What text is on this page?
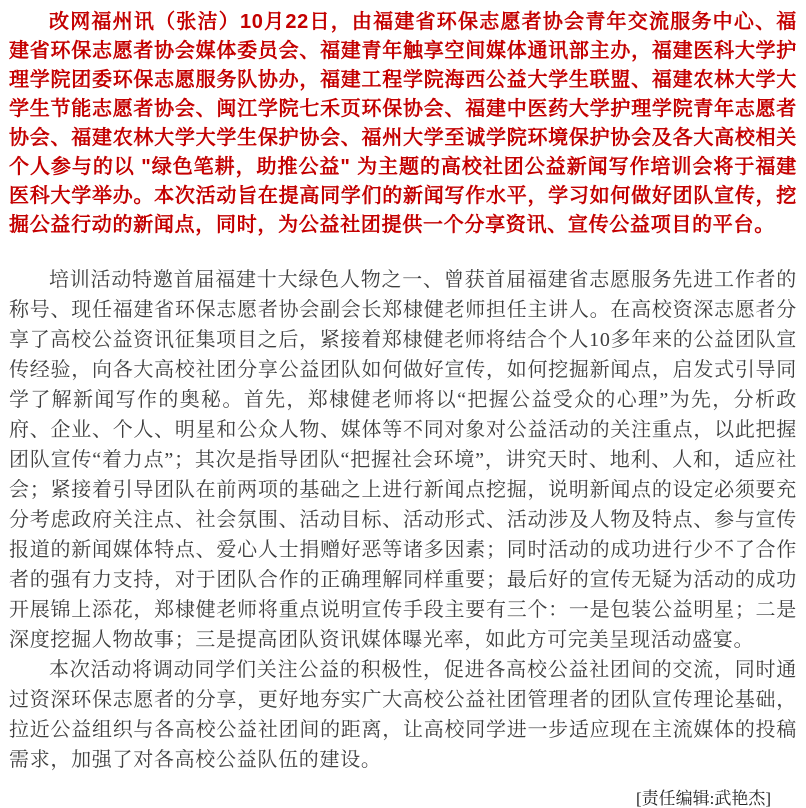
改网福州讯（张洁）10月22日，由福建省环保志愿者协会青年交流服务中心、福建省环保志愿者协会媒体委员会、福建青年触享空间媒体通讯部主办，福建医科大学护理学院团委环保志愿服务队协办，福建工程学院海西公益大学生联盟、福建农林大学大学生节能志愿者协会、闽江学院七禾页环保协会、福建中医药大学护理学院青年志愿者协会、福建农林大学大学生保护协会、福州大学至诚学院环境保护协会及各大高校相关个人参与的以 "绿色笔耕，助推公益" 为主题的高校社团公益新闻写作培训会将于福建医科大学举办。本次活动旨在提高同学们的新闻写作水平，学习如何做好团队宣传，挖掘公益行动的新闻点，同时，为公益社团提供一个分享资讯、宣传公益项目的平台。

培训活动特邀首届福建十大绿色人物之一、曾获首届福建省志愿服务先进工作者的称号、现任福建省环保志愿者协会副会长郑棣健老师担任主讲人。在高校资深志愿者分享了高校公益资讯征集项目之后，紧接着郑棣健老师将结合个人10多年来的公益团队宣传经验，向各大高校社团分享公益团队如何做好宣传，如何挖掘新闻点，启发式引导同学了解新闻写作的奥秘。首先，郑棣健老师将以“把握公益受众的心理”为先，分析政府、企业、个人、明星和公众人物、媒体等不同对象对公益活动的关注重点，以此把握团队宣传“着力点”；其次是指导团队“把握社会环境”，讲究天时、地利、人和，适应社会；紧接着引导团队在前两项的基础之上进行新闻点挖掘，说明新闻点的设定必须要充分考虑政府关注点、社会氛围、活动目标、活动形式、活动涉及人物及特点、参与宣传报道的新闻媒体特点、爱心人士捐赠好恶等诸多因素；同时活动的成功进行少不了合作者的强有力支持，对于团队合作的正确理解同样重要；最后好的宣传无疑为活动的成功开展锦上添花，郑棣健老师将重点说明宣传手段主要有三个：一是包装公益明星；二是深度挖掘人物故事；三是提高团队资讯媒体曝光率，如此方可完美呈现活动盛宴。

本次活动将调动同学们关注公益的积极性，促进各高校公益社团间的交流，同时通过资深环保志愿者的分享，更好地夯实广大高校公益社团管理者的团队宣传理论基础，拉近公益组织与各高校公益社团间的距离，让高校同学进一步适应现在主流媒体的投稿需求，加强了对各高校公益队伍的建设。

[责任编辑:武艳杰]
